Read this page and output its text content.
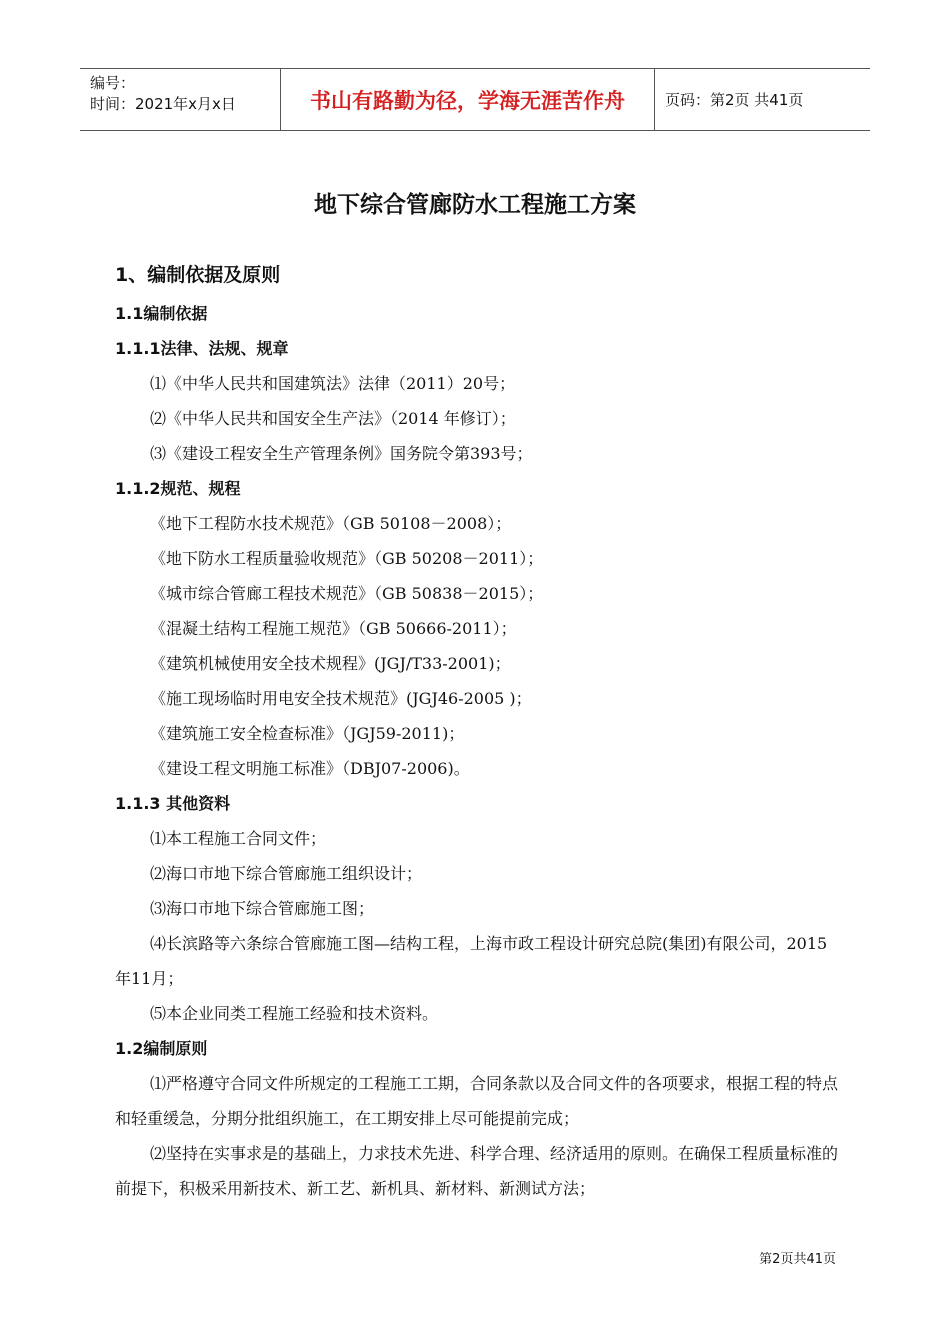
编号：
时间：2021年x月x日	书山有路勤为径，学海无涯苦作舟	页码：第2页 共41页
地下综合管廊防水工程施工方案
1、编制依据及原则
1.1编制依据
1.1.1法律、法规、规章
⑴《中华人民共和国建筑法》法律（2011）20号；
⑵《中华人民共和国安全生产法》（2014 年修订）；
⑶《建设工程安全生产管理条例》国务院令第393号；
1.1.2规范、规程
《地下工程防水技术规范》（GB 50108－2008）；
《地下防水工程质量验收规范》（GB 50208－2011）；
《城市综合管廊工程技术规范》（GB 50838－2015）；
《混凝土结构工程施工规范》（GB 50666-2011）；
《建筑机械使用安全技术规程》(JGJ/T33-2001)；
《施工现场临时用电安全技术规范》(JGJ46-2005 )；
《建筑施工安全检查标准》（JGJ59-2011)；
《建设工程文明施工标准》（DBJ07-2006)。
1.1.3 其他资料
⑴本工程施工合同文件；
⑵海口市地下综合管廊施工组织设计；
⑶海口市地下综合管廊施工图；
⑷长滨路等六条综合管廊施工图—结构工程，上海市政工程设计研究总院(集团)有限公司，2015年11月；
⑸本企业同类工程施工经验和技术资料。
1.2编制原则
⑴严格遵守合同文件所规定的工程施工工期，合同条款以及合同文件的各项要求，根据工程的特点和轻重缓急，分期分批组织施工，在工期安排上尽可能提前完成；
⑵坚持在实事求是的基础上，力求技术先进、科学合理、经济适用的原则。在确保工程质量标准的前提下，积极采用新技术、新工艺、新机具、新材料、新测试方法；
第2页共41页
